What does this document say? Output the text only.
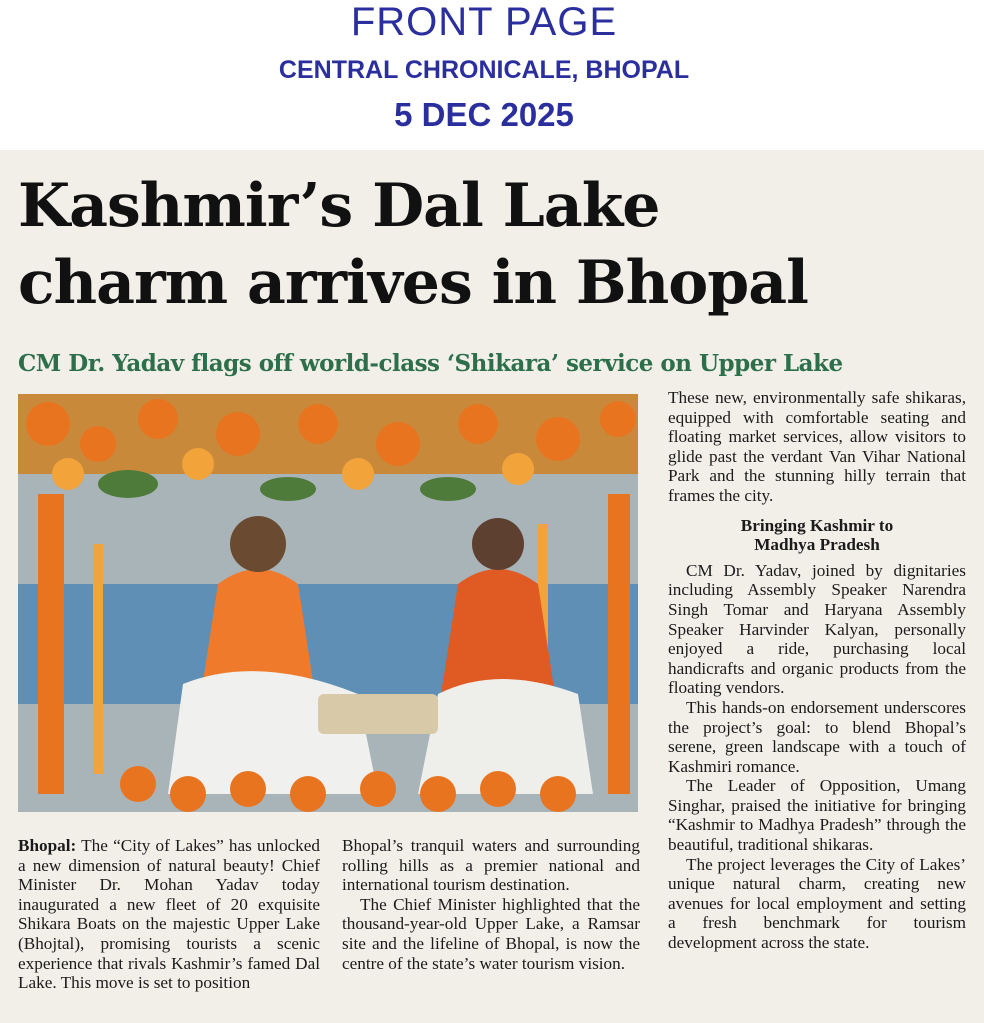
FRONT PAGE
CENTRAL CHRONICALE, BHOPAL
5 DEC 2025
Kashmir’s Dal Lake
charm arrives in Bhopal
CM Dr. Yadav flags off world-class ‘Shikara’ service on Upper Lake

Bhopal: The “City of Lakes” has unlocked a new dimension of natural beauty! Chief Minister Dr. Mohan Yadav today inaugurated a new fleet of 20 exquisite Shikara Boats on the majestic Upper Lake (Bhojtal), promising tourists a scenic experience that rivals Kashmir’s famed Dal Lake. This move is set to position

Bhopal’s tranquil waters and surrounding rolling hills as a premier national and international tourism destination.

The Chief Minister highlighted that the thousand-year-old Upper Lake, a Ramsar site and the lifeline of Bhopal, is now the centre of the state’s water tourism vision.

These new, environmentally safe shikaras, equipped with comfortable seating and floating market services, allow visitors to glide past the verdant Van Vihar National Park and the stunning hilly terrain that frames the city.

Bringing Kashmir to
Madhya Pradesh

CM Dr. Yadav, joined by dignitaries including Assembly Speaker Narendra Singh Tomar and Haryana Assembly Speaker Harvinder Kalyan, personally enjoyed a ride, purchasing local handicrafts and organic products from the floating vendors.

This hands-on endorsement underscores the project’s goal: to blend Bhopal’s serene, green landscape with a touch of Kashmiri romance.

The Leader of Opposition, Umang Singhar, praised the initiative for bringing “Kashmir to Madhya Pradesh” through the beautiful, traditional shikaras.

The project leverages the City of Lakes’ unique natural charm, creating new avenues for local employment and setting a fresh benchmark for tourism development across the state.
